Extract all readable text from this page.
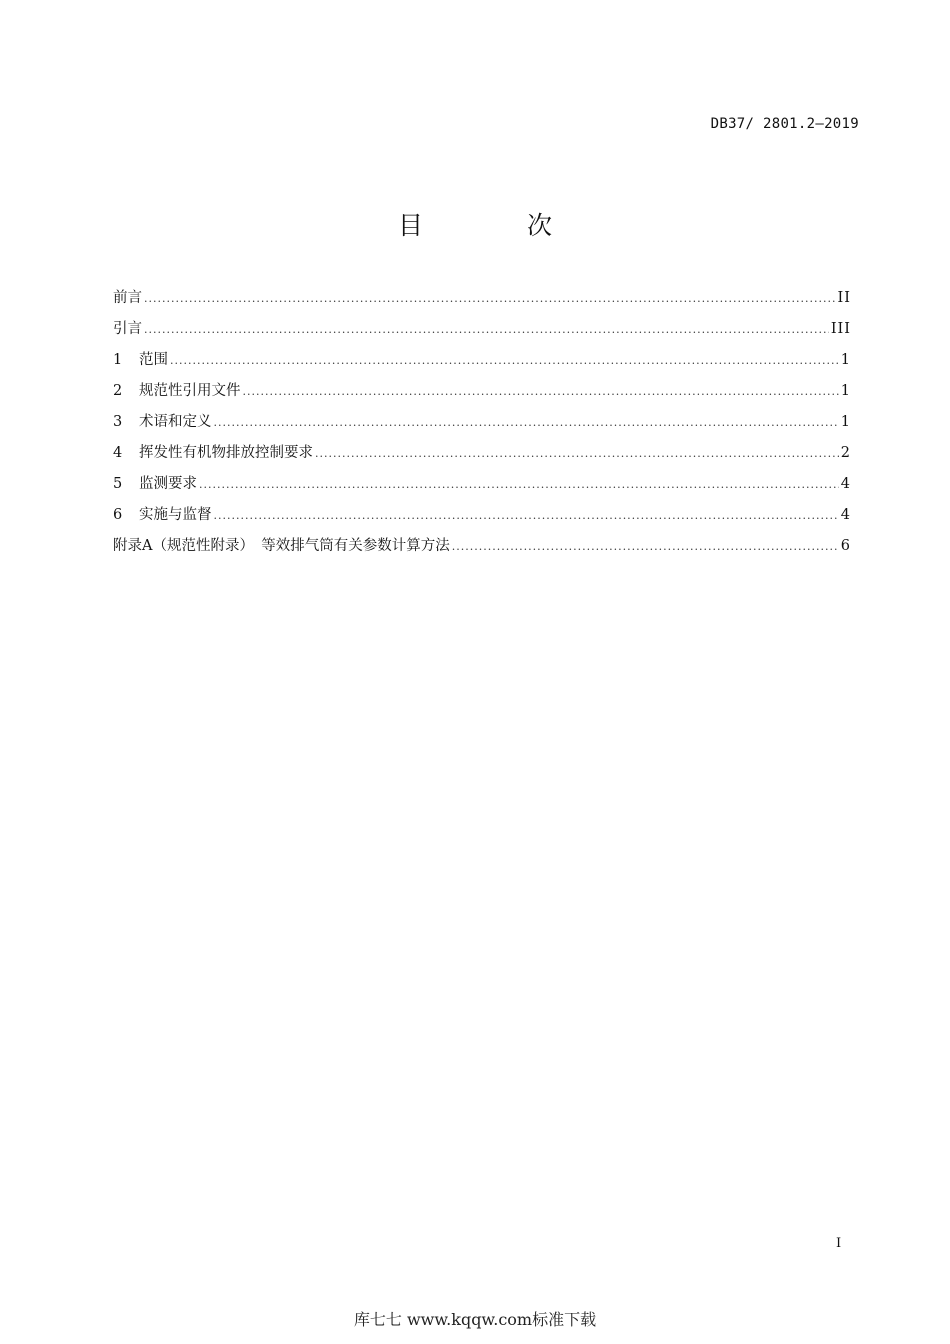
DB37/ 2801.2—2019
目 次
前言 .....	II
引言 .....	III
1	范围 .....	1
2	规范性引用文件 .....	1
3	术语和定义 .....	1
4	挥发性有机物排放控制要求 .....	2
5	监测要求 .....	4
6	实施与监督 .....	4
附录A（规范性附录）　等效排气筒有关参数计算方法 .....	6
I
库七七 www.kqqw.com标准下载
